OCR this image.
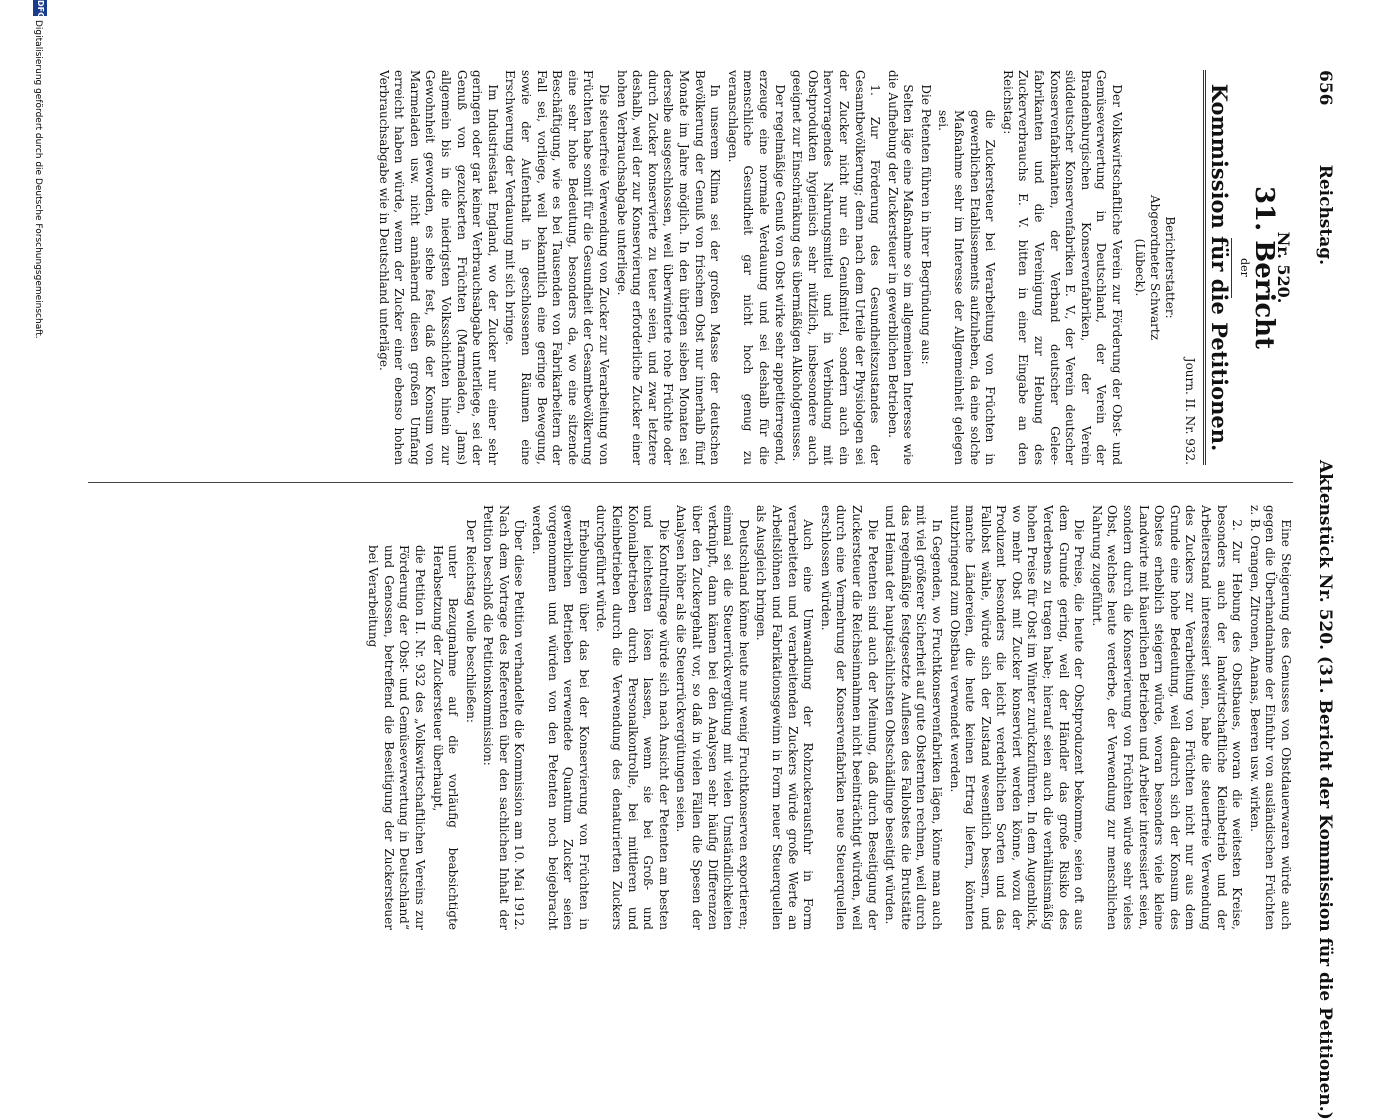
656          Reichstag.
Aktenstück Nr. 520. (31. Bericht der Kommission für die Petitionen.)
Nr. 520.
31. Bericht
der
Kommission für die Petitionen.
Journ. II. Nr. 932.
Berichterstatter:
Abgeordneter Schwartz
(Lübeck).

Der Volkswirtschaftliche Verein zur Förderung der Obst- und Gemüseverwertung in Deutschland, der Verein der Brandenburgischen Konservenfabriken, der Verein süddeutscher Konservenfabriken E. V., der Verein deutscher Konservenfabrikanten, der Verband deutscher Gelee-fabrikanten und die Vereinigung zur Hebung des Zuckerverbrauchs E. V. bitten in einer Eingabe an den Reichstag:

die Zuckersteuer bei Verarbeitung von Früchten in gewerblichen Etablissements aufzuheben, da eine solche Maßnahme sehr im Interesse der Allgemeinheit gelegen sei.

Die Petenten führen in ihrer Begründung aus:

Selten läge eine Maßnahme so im allgemeinen Interesse wie die Aufhebung der Zuckersteuer in gewerblichen Betrieben.

1. Zur Förderung des Gesundheitszustandes der Gesamtbevölkerung; denn nach dem Urteile der Physiologen sei der Zucker nicht nur ein Genußmittel, sondern auch ein hervorragendes Nahrungsmittel und in Verbindung mit Obstprodukten hygienisch sehr nützlich, insbesondere auch geeignet zur Einschränkung des übermäßigen Alkoholgenusses.

Der regelmäßige Genuß von Obst wirke sehr appetiterregend, erzeuge eine normale Verdauung und sei deshalb für die menschliche Gesundheit gar nicht hoch genug zu veranschlagen.

In unserem Klima sei der großen Masse der deutschen Bevölkerung der Genuß von frischem Obst nur innerhalb fünf Monate im Jahre möglich. In den übrigen sieben Monaten sei derselbe ausgeschlossen, weil überwinterte rohe Früchte oder durch Zucker konservierte zu teuer seien, und zwar letztere deshalb, weil der zur Konservierung erforderliche Zucker einer hohen Verbrauchsabgabe unterliege.

Die steuerfreie Verwendung von Zucker zur Verarbeitung von Früchten habe somit für die Gesundheit der Gesamtbevölkerung eine sehr hohe Bedeutung, besonders da, wo eine sitzende Beschäftigung, wie es bei Tausenden von Fabrikarbeitern der Fall sei, vorliege, weil bekanntlich eine geringe Bewegung, sowie der Aufenthalt in geschlossenen Räumen eine Erschwerung der Verdauung mit sich bringe.

Im Industriestaat England, wo der Zucker nur einer sehr geringen oder gar keiner Verbrauchsabgabe unterliege, sei der Genuß von gezuckerten Früchten (Marmeladen, Jams) allgemein bis in die niedrigsten Volksschichten hinein zur Gewohnheit geworden, es stehe fest, daß der Konsum von Marmeladen usw. nicht annähernd diesen großen Umfang erreicht haben würde, wenn der Zucker einer ebenso hohen Verbrauchsabgabe wie in Deutschland unterläge.

Eine Steigerung des Genusses von Obstdauerwaren würde auch gegen die Überhandnahme der Einfuhr von ausländischen Früchten z. B. Orangen, Zitronen, Ananas, Beeren usw. wirken.

2. Zur Hebung des Obstbaues, woran die weitesten Kreise, besonders auch der landwirtschaftliche Kleinbetrieb und der Arbeiterstand interessiert seien, habe die steuerfreie Verwendung des Zuckers zur Verarbeitung von Früchten nicht nur aus dem Grunde eine hohe Bedeutung, weil dadurch sich der Konsum des Obstes erheblich steigern würde, woran besonders viele kleine Landwirte mit bäuerlichen Betrieben und Arbeiter interessiert seien, sondern durch die Konservierung von Früchten würde sehr vieles Obst, welches heute verderbe, der Verwendung zur menschlichen Nahrung zugeführt.

Die Preise, die heute der Obstproduzent bekomme, seien oft aus dem Grunde gering, weil der Händler das große Risiko des Verderbens zu tragen habe; hierauf seien auch die verhältnismäßig hohen Preise für Obst im Winter zurückzuführen. In dem Augenblick, wo mehr Obst mit Zucker konserviert werden könne, wozu der Produzent besonders die leicht verderblichen Sorten und das Fallobst wähle, würde sich der Zustand wesentlich bessern, und manche Ländereien, die heute keinen Ertrag liefern, könnten nutzbringend zum Obstbau verwendet werden.

In Gegenden, wo Fruchtkonservenfabriken lägen, könne man auch mit viel größerer Sicherheit auf gute Obsternten rechnen, weil durch das regelmäßige festgesetzte Auflesen des Fallobstes die Brutstätte und Heimat der hauptsächlichsten Obstschädlinge beseitigt würden.

Die Petenten sind auch der Meinung, daß durch Beseitigung der Zuckersteuer die Reichseinnahmen nicht beeinträchtigt würden, weil durch eine Vermehrung der Konservenfabriken neue Steuerquellen erschlossen würden.

Auch eine Umwandlung der Rohzuckerausfuhr in Form verarbeiteten und verarbeitenden Zuckers würde große Werte an Arbeitslöhnen und Fabrikationsgewinn in Form neuer Steuerquellen als Ausgleich bringen.

Deutschland könne heute nur wenig Fruchtkonserven exportieren; einmal sei die Steuerrückvergütung mit vielen Umständlichkeiten verknüpft, dann kämen bei den Analysen sehr häufig Differenzen über den Zuckergehalt vor, so daß in vielen Fällen die Spesen der Analysen höher als die Steuerrückvergütungen seien.

Die Kontrollfrage würde sich nach Ansicht der Petenten am besten und leichtesten lösen lassen, wenn sie bei Groß- und Kolonialbetrieben durch Personalkontrolle, bei mittleren und Kleinbetrieben durch die Verwendung des denaturierten Zuckers durchgeführt würde.

Erhebungen über das bei der Konservierung von Früchten in gewerblichen Betrieben verwendete Quantum Zucker seien vorgenommen und würden von den Petenten noch beigebracht werden.

Über diese Petition verhandelte die Kommission am 10. Mai 1912. Nach dem Vortrage des Referenten über den sachlichen Inhalt der Petition beschloß die Petitionskommission:

Der Reichstag wolle beschließen:

unter Bezugnahme auf die vorläufig beabsichtigte Herabsetzung der Zuckersteuer überhaupt,

die Petition II. Nr. 932 des „Volkswirtschaftlichen Vereins zur Förderung der Obst- und Gemüseverwertung in Deutschland“ und Genossen, betreffend die Beseitigung der Zuckersteuer bei Verarbeitung

DFG
Digitalisierung gefördert durch die Deutsche Forschungsgemeinschaft.
